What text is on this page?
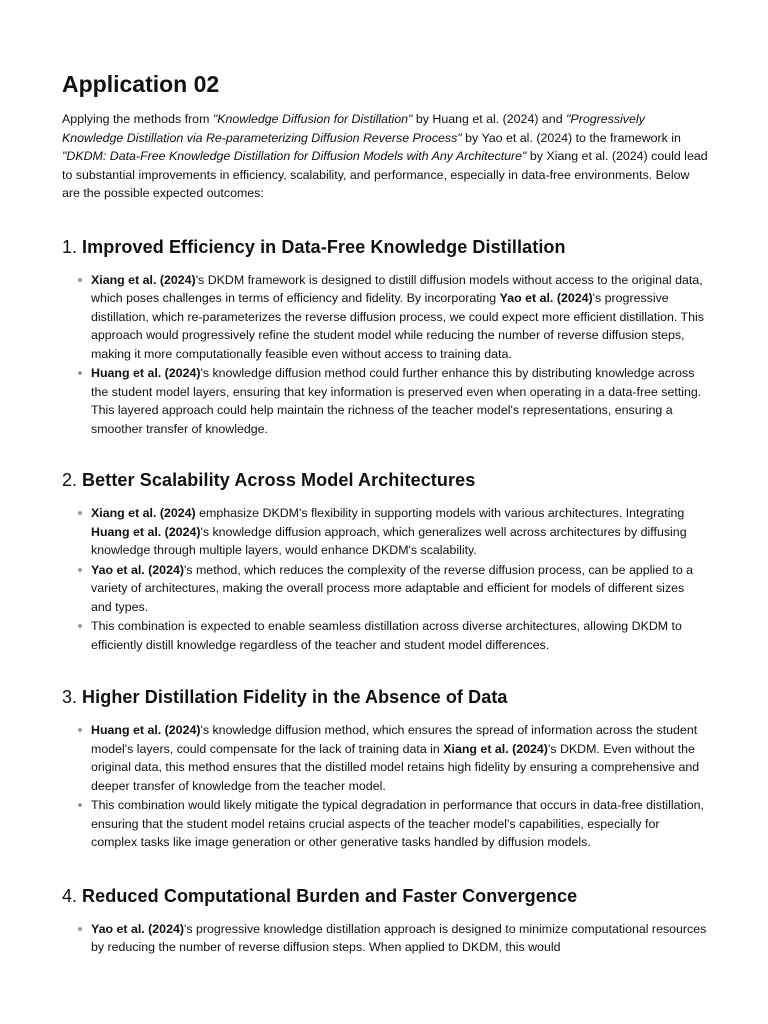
Application 02

Applying the methods from "Knowledge Diffusion for Distillation" by Huang et al. (2024) and "Progressively Knowledge Distillation via Re-parameterizing Diffusion Reverse Process" by Yao et al. (2024) to the framework in "DKDM: Data-Free Knowledge Distillation for Diffusion Models with Any Architecture" by Xiang et al. (2024) could lead to substantial improvements in efficiency, scalability, and performance, especially in data-free environments. Below are the possible expected outcomes:

1. Improved Efficiency in Data-Free Knowledge Distillation
Xiang et al. (2024)'s DKDM framework is designed to distill diffusion models without access to the original data, which poses challenges in terms of efficiency and fidelity. By incorporating Yao et al. (2024)'s progressive distillation, which re-parameterizes the reverse diffusion process, we could expect more efficient distillation. This approach would progressively refine the student model while reducing the number of reverse diffusion steps, making it more computationally feasible even without access to training data.
Huang et al. (2024)'s knowledge diffusion method could further enhance this by distributing knowledge across the student model layers, ensuring that key information is preserved even when operating in a data-free setting. This layered approach could help maintain the richness of the teacher model's representations, ensuring a smoother transfer of knowledge.
2. Better Scalability Across Model Architectures
Xiang et al. (2024) emphasize DKDM's flexibility in supporting models with various architectures. Integrating Huang et al. (2024)'s knowledge diffusion approach, which generalizes well across architectures by diffusing knowledge through multiple layers, would enhance DKDM's scalability.
Yao et al. (2024)'s method, which reduces the complexity of the reverse diffusion process, can be applied to a variety of architectures, making the overall process more adaptable and efficient for models of different sizes and types.
This combination is expected to enable seamless distillation across diverse architectures, allowing DKDM to efficiently distill knowledge regardless of the teacher and student model differences.
3. Higher Distillation Fidelity in the Absence of Data
Huang et al. (2024)'s knowledge diffusion method, which ensures the spread of information across the student model's layers, could compensate for the lack of training data in Xiang et al. (2024)'s DKDM. Even without the original data, this method ensures that the distilled model retains high fidelity by ensuring a comprehensive and deeper transfer of knowledge from the teacher model.
This combination would likely mitigate the typical degradation in performance that occurs in data-free distillation, ensuring that the student model retains crucial aspects of the teacher model's capabilities, especially for complex tasks like image generation or other generative tasks handled by diffusion models.
4. Reduced Computational Burden and Faster Convergence
Yao et al. (2024)'s progressive knowledge distillation approach is designed to minimize computational resources by reducing the number of reverse diffusion steps. When applied to DKDM, this would
